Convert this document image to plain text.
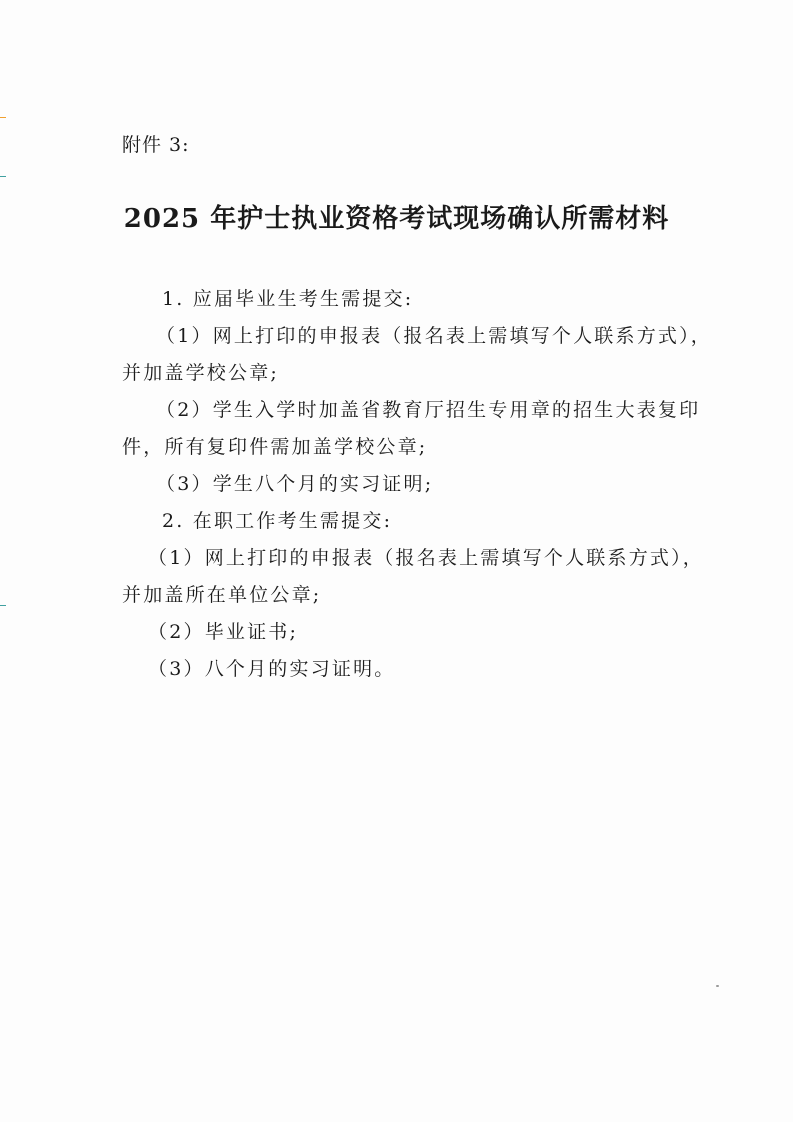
附件 3:
2025 年护士执业资格考试现场确认所需材料
1. 应届毕业生考生需提交:
（1）网上打印的申报表（报名表上需填写个人联系方式），
并加盖学校公章;
（2）学生入学时加盖省教育厅招生专用章的招生大表复印
件，所有复印件需加盖学校公章;
（3）学生八个月的实习证明;
2. 在职工作考生需提交:
（1）网上打印的申报表（报名表上需填写个人联系方式），
并加盖所在单位公章;
（2）毕业证书;
（3）八个月的实习证明。
